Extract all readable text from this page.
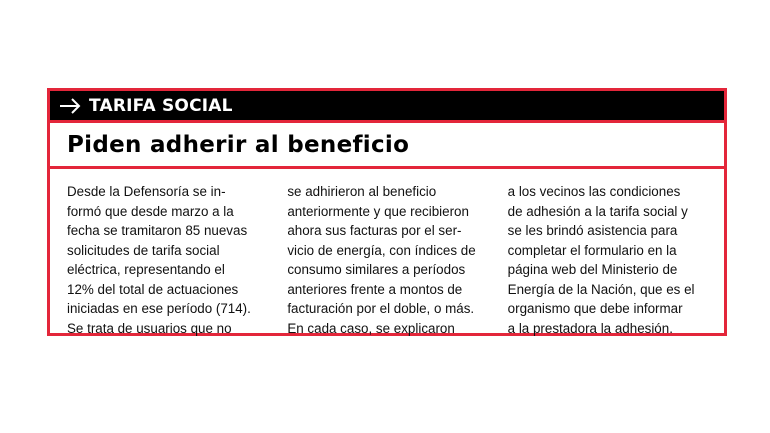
TARIFA SOCIAL
Piden adherir al beneficio
Desde la Defensoría se in-
formó que desde marzo a la
fecha se tramitaron 85 nuevas
solicitudes de tarifa social
eléctrica, representando el
12% del total de actuaciones
iniciadas en ese período (714).
Se trata de usuarios que no
se adhirieron al beneficio
anteriormente y que recibieron
ahora sus facturas por el ser-
vicio de energía, con índices de
consumo similares a períodos
anteriores frente a montos de
facturación por el doble, o más.
En cada caso, se explicaron
a los vecinos las condiciones
de adhesión a la tarifa social y
se les brindó asistencia para
completar el formulario en la
página web del Ministerio de
Energía de la Nación, que es el
organismo que debe informar
a la prestadora la adhesión.
